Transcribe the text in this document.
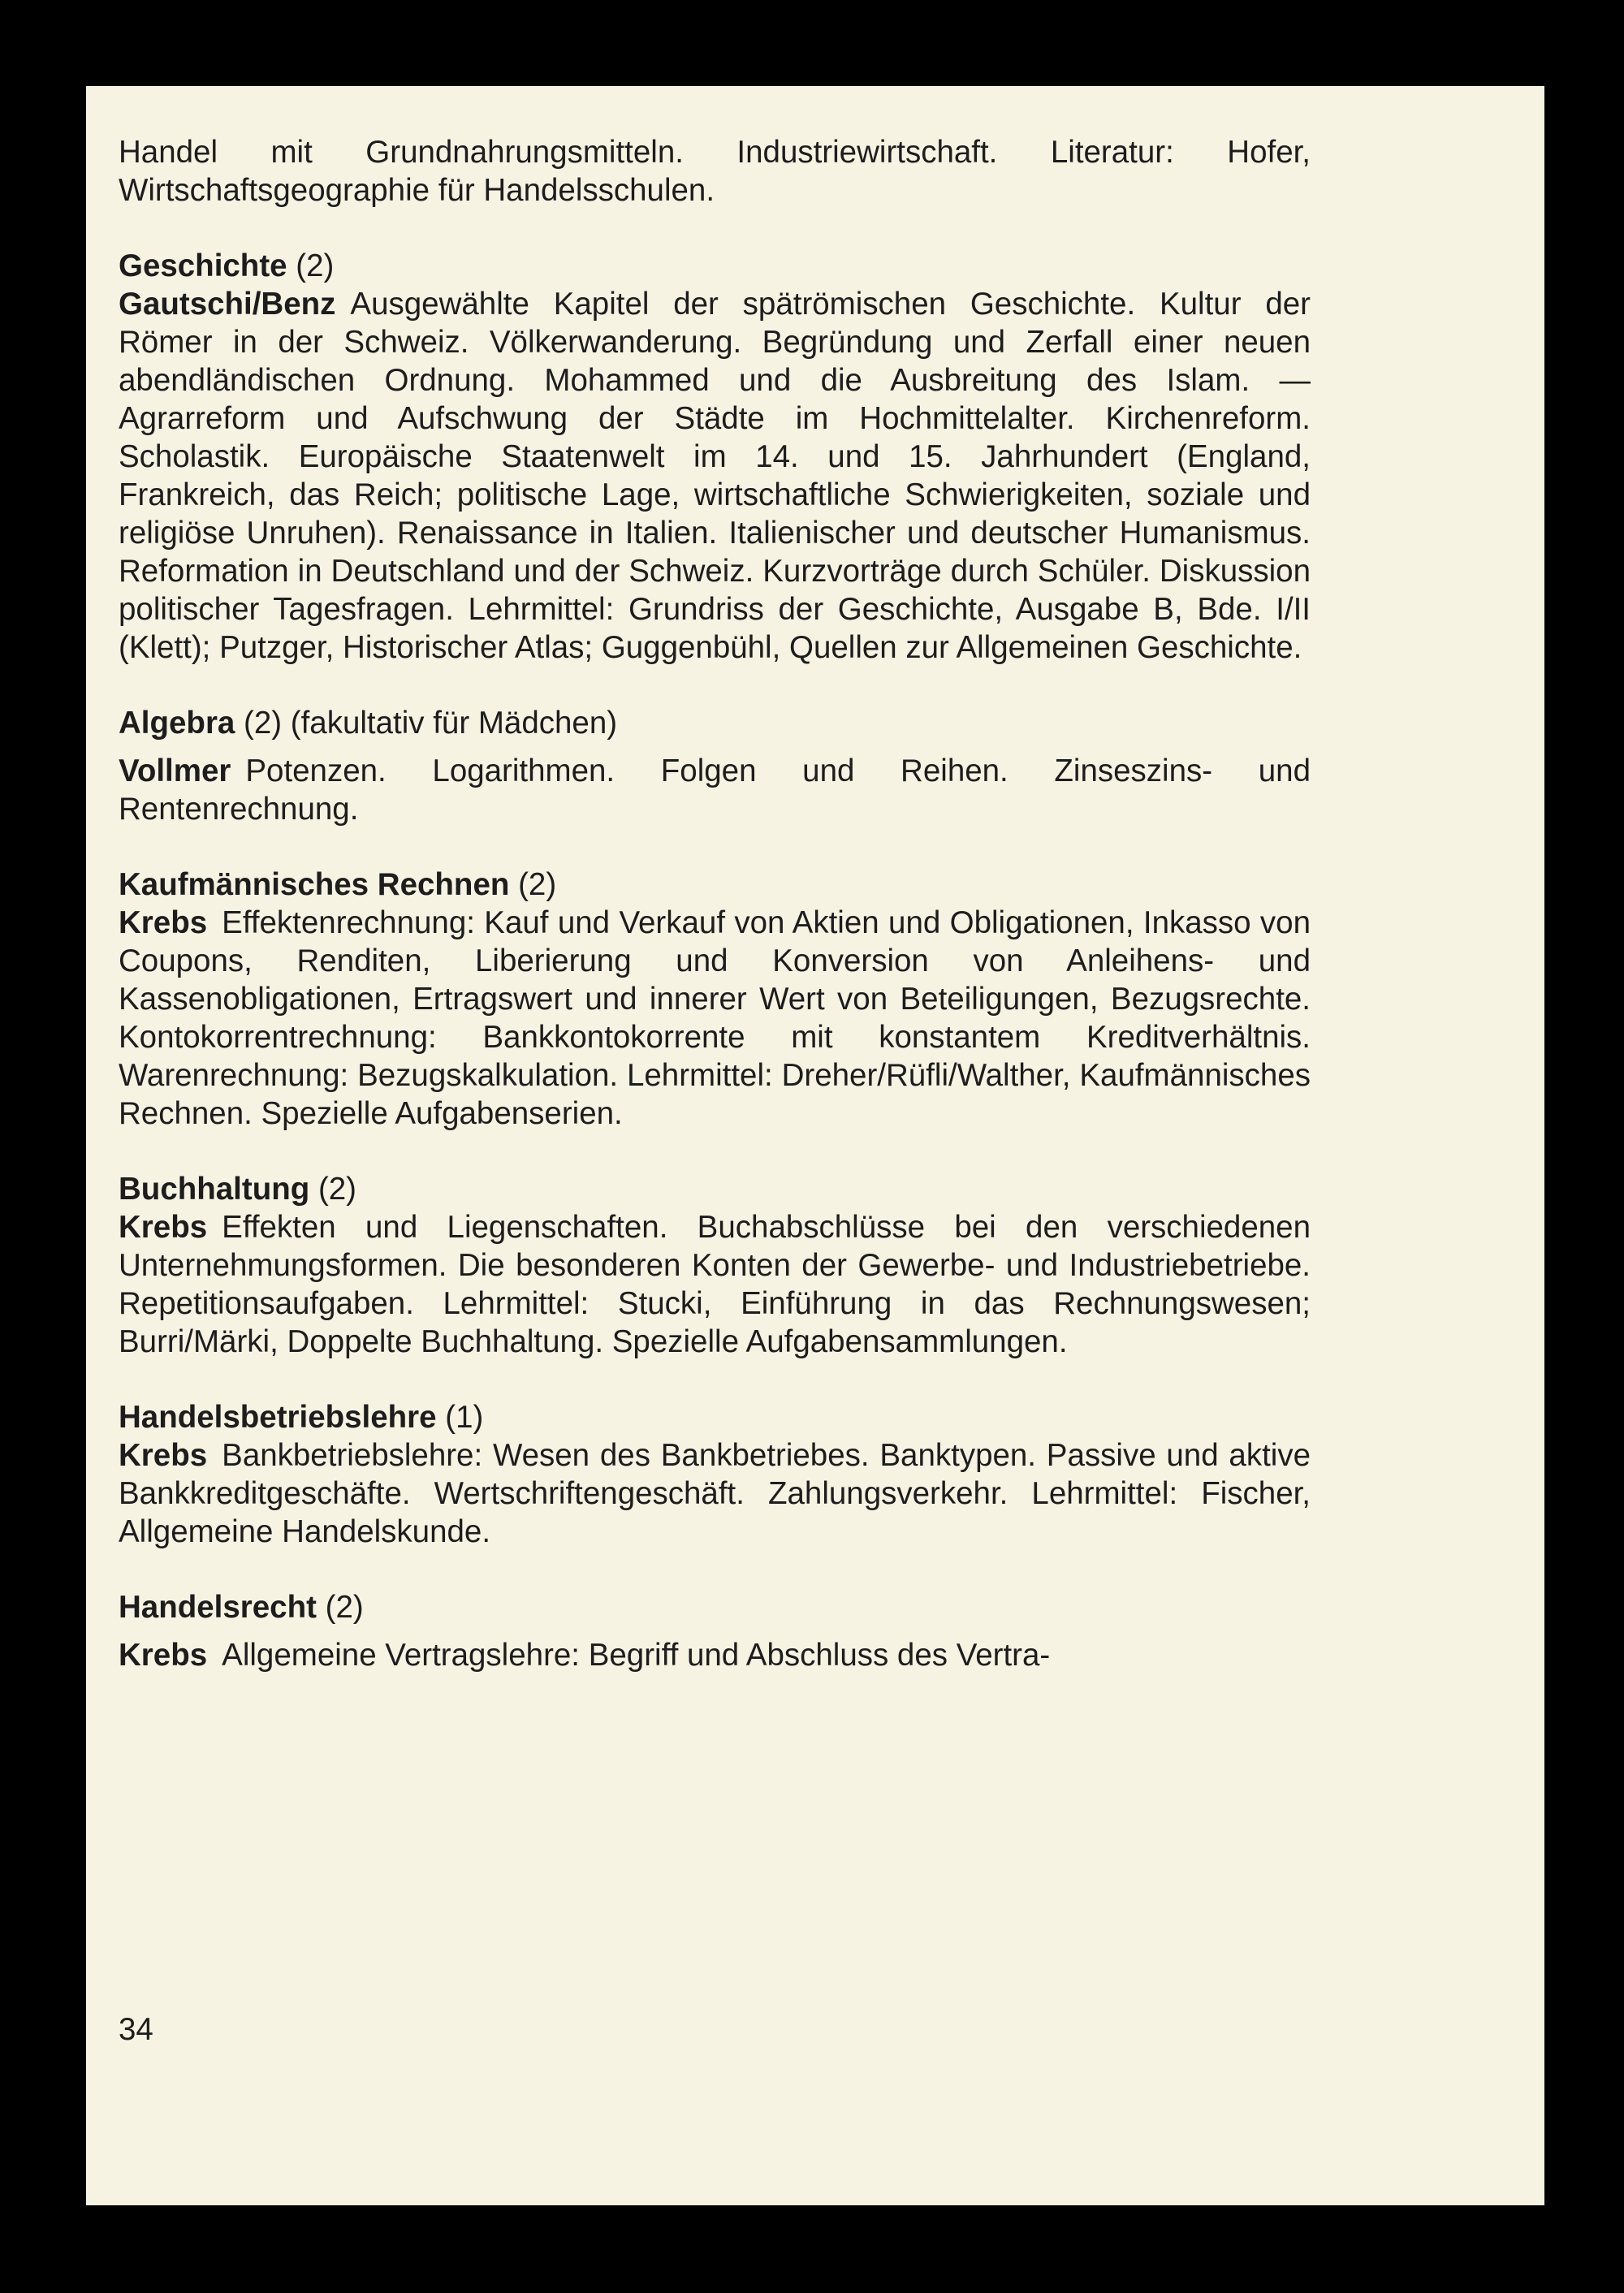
Handel mit Grundnahrungsmitteln. Industriewirtschaft. Literatur: Hofer, Wirtschaftsgeographie für Handelsschulen.

Geschichte (2)

Gautschi/Benz Ausgewählte Kapitel der spätrömischen Geschichte. Kultur der Römer in der Schweiz. Völkerwanderung. Begründung und Zerfall einer neuen abendländischen Ordnung. Mohammed und die Ausbreitung des Islam. — Agrarreform und Aufschwung der Städte im Hochmittelalter. Kirchenreform. Scholastik. Europäische Staatenwelt im 14. und 15. Jahrhundert (England, Frankreich, das Reich; politische Lage, wirtschaftliche Schwierigkeiten, soziale und religiöse Unruhen). Renaissance in Italien. Italienischer und deutscher Humanismus. Reformation in Deutschland und der Schweiz. Kurzvorträge durch Schüler. Diskussion politischer Tagesfragen. Lehrmittel: Grundriss der Geschichte, Ausgabe B, Bde. I/II (Klett); Putzger, Historischer Atlas; Guggenbühl, Quellen zur Allgemeinen Geschichte.

Algebra (2) (fakultativ für Mädchen)

Vollmer Potenzen. Logarithmen. Folgen und Reihen. Zinseszins- und Rentenrechnung.

Kaufmännisches Rechnen (2)

Krebs Effektenrechnung: Kauf und Verkauf von Aktien und Obligationen, Inkasso von Coupons, Renditen, Liberierung und Konversion von Anleihens- und Kassenobligationen, Ertragswert und innerer Wert von Beteiligungen, Bezugsrechte. Kontokorrentrechnung: Bankkontokorrente mit konstantem Kreditverhältnis. Warenrechnung: Bezugskalkulation. Lehrmittel: Dreher/Rüfli/Walther, Kaufmännisches Rechnen. Spezielle Aufgabenserien.

Buchhaltung (2)

Krebs Effekten und Liegenschaften. Buchabschlüsse bei den verschiedenen Unternehmungsformen. Die besonderen Konten der Gewerbe- und Industriebetriebe. Repetitionsaufgaben. Lehrmittel: Stucki, Einführung in das Rechnungswesen; Burri/Märki, Doppelte Buchhaltung. Spezielle Aufgabensammlungen.

Handelsbetriebslehre (1)

Krebs Bankbetriebslehre: Wesen des Bankbetriebes. Banktypen. Passive und aktive Bankkreditgeschäfte. Wertschriftengeschäft. Zahlungsverkehr. Lehrmittel: Fischer, Allgemeine Handelskunde.

Handelsrecht (2)

Krebs Allgemeine Vertragslehre: Begriff und Abschluss des Vertra-

34
